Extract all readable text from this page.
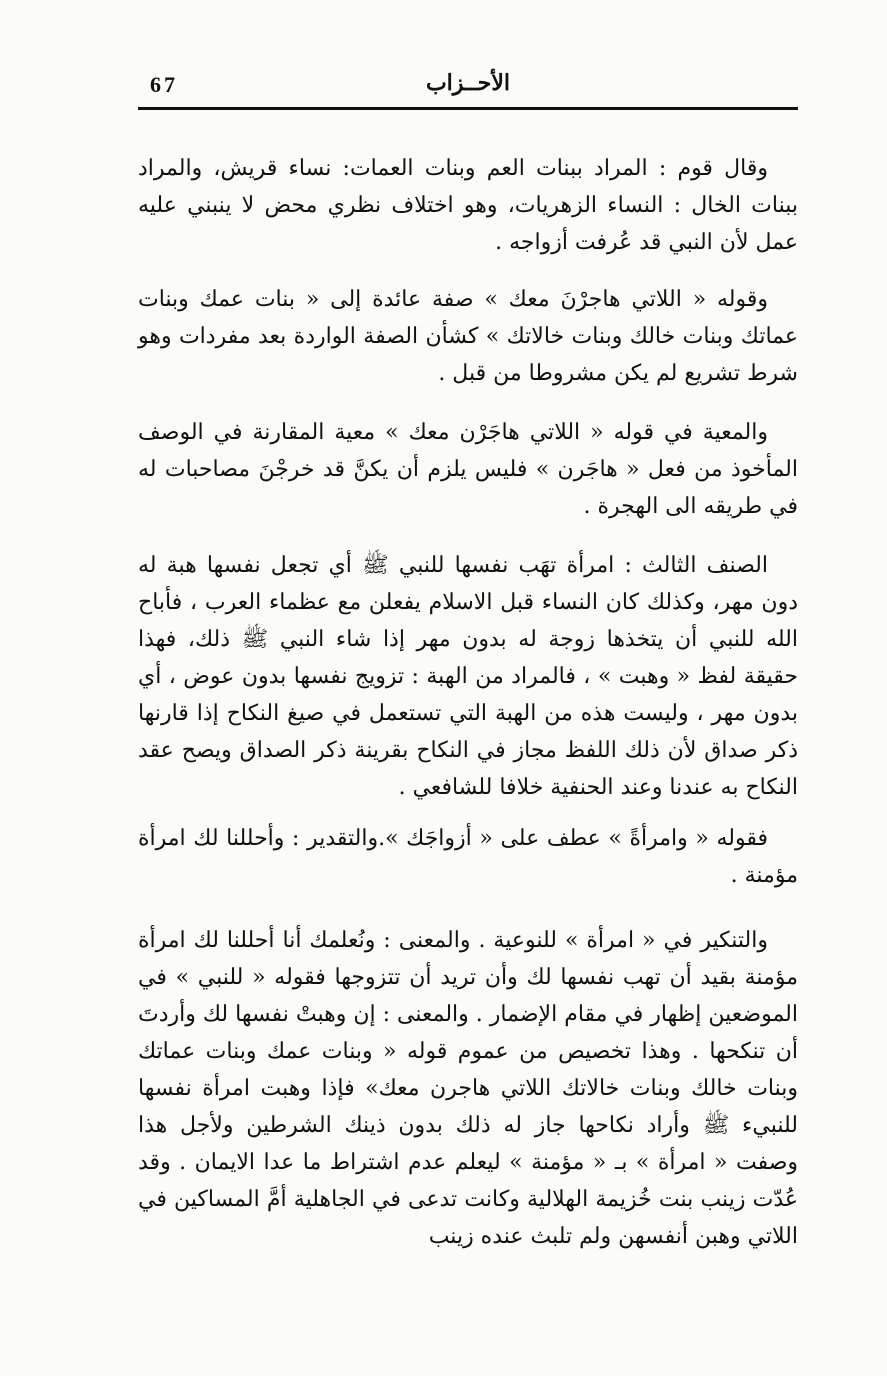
67	الأحــزاب

وقال قوم : المراد ببنات العم وبنات العمات: نساء قريش، والمراد ببنات الخال : النساء الزهريات، وهو اختلاف نظري محض لا ينبني عليه عمل لأن النبي قد عُرفت أزواجه .

وقوله « اللاتي هاجرْنَ معك » صفة عائدة إلى « بنات عمك وبنات عماتك وبنات خالك وبنات خالاتك » كشأن الصفة الواردة بعد مفردات وهو شرط تشريع لم يكن مشروطا من قبل .

والمعية في قوله « اللاتي هاجَرْن معك » معية المقارنة في الوصف المأخوذ من فعل « هاجَرن » فليس يلزم أن يكنَّ قد خرجْنَ مصاحبات له في طريقه الى الهجرة .

الصنف الثالث : امرأة تهَب نفسها للنبي ﷺ أي تجعل نفسها هبة له دون مهر، وكذلك كان النساء قبل الاسلام يفعلن مع عظماء العرب ، فأباح الله للنبي أن يتخذها زوجة له بدون مهر إذا شاء النبي ﷺ ذلك، فهذا حقيقة لفظ « وهبت » ، فالمراد من الهبة : تزويج نفسها بدون عوض ، أي بدون مهر ، وليست هذه من الهبة التي تستعمل في صيغ النكاح إذا قارنها ذكر صداق لأن ذلك اللفظ مجاز في النكاح بقرينة ذكر الصداق ويصح عقد النكاح به عندنا وعند الحنفية خلافا للشافعي .

فقوله « وامرأةً » عطف على « أزواجَك ».والتقدير : وأحللنا لك امرأة مؤمنة .

والتنكير في « امرأة » للنوعية . والمعنى : ونُعلمك أنا أحللنا لك امرأة مؤمنة بقيد أن تهب نفسها لك وأن تريد أن تتزوجها فقوله « للنبي » في الموضعين إظهار في مقام الإضمار . والمعنى : إن وهبتْ نفسها لك وأردتَ أن تنكحها . وهذا تخصيص من عموم قوله « وبنات عمك وبنات عماتك وبنات خالك وبنات خالاتك اللاتي هاجرن معك» فإذا وهبت امرأة نفسها للنبيء ﷺ وأراد نكاحها جاز له ذلك بدون ذينك الشرطين ولأجل هذا وصفت « امرأة » بـ « مؤمنة » ليعلم عدم اشتراط ما عدا الايمان . وقد عُدّت زينب بنت خُزيمة الهلالية وكانت تدعى في الجاهلية أمَّ المساكين في اللاتي وهبن أنفسهن ولم تلبث عنده زينب
